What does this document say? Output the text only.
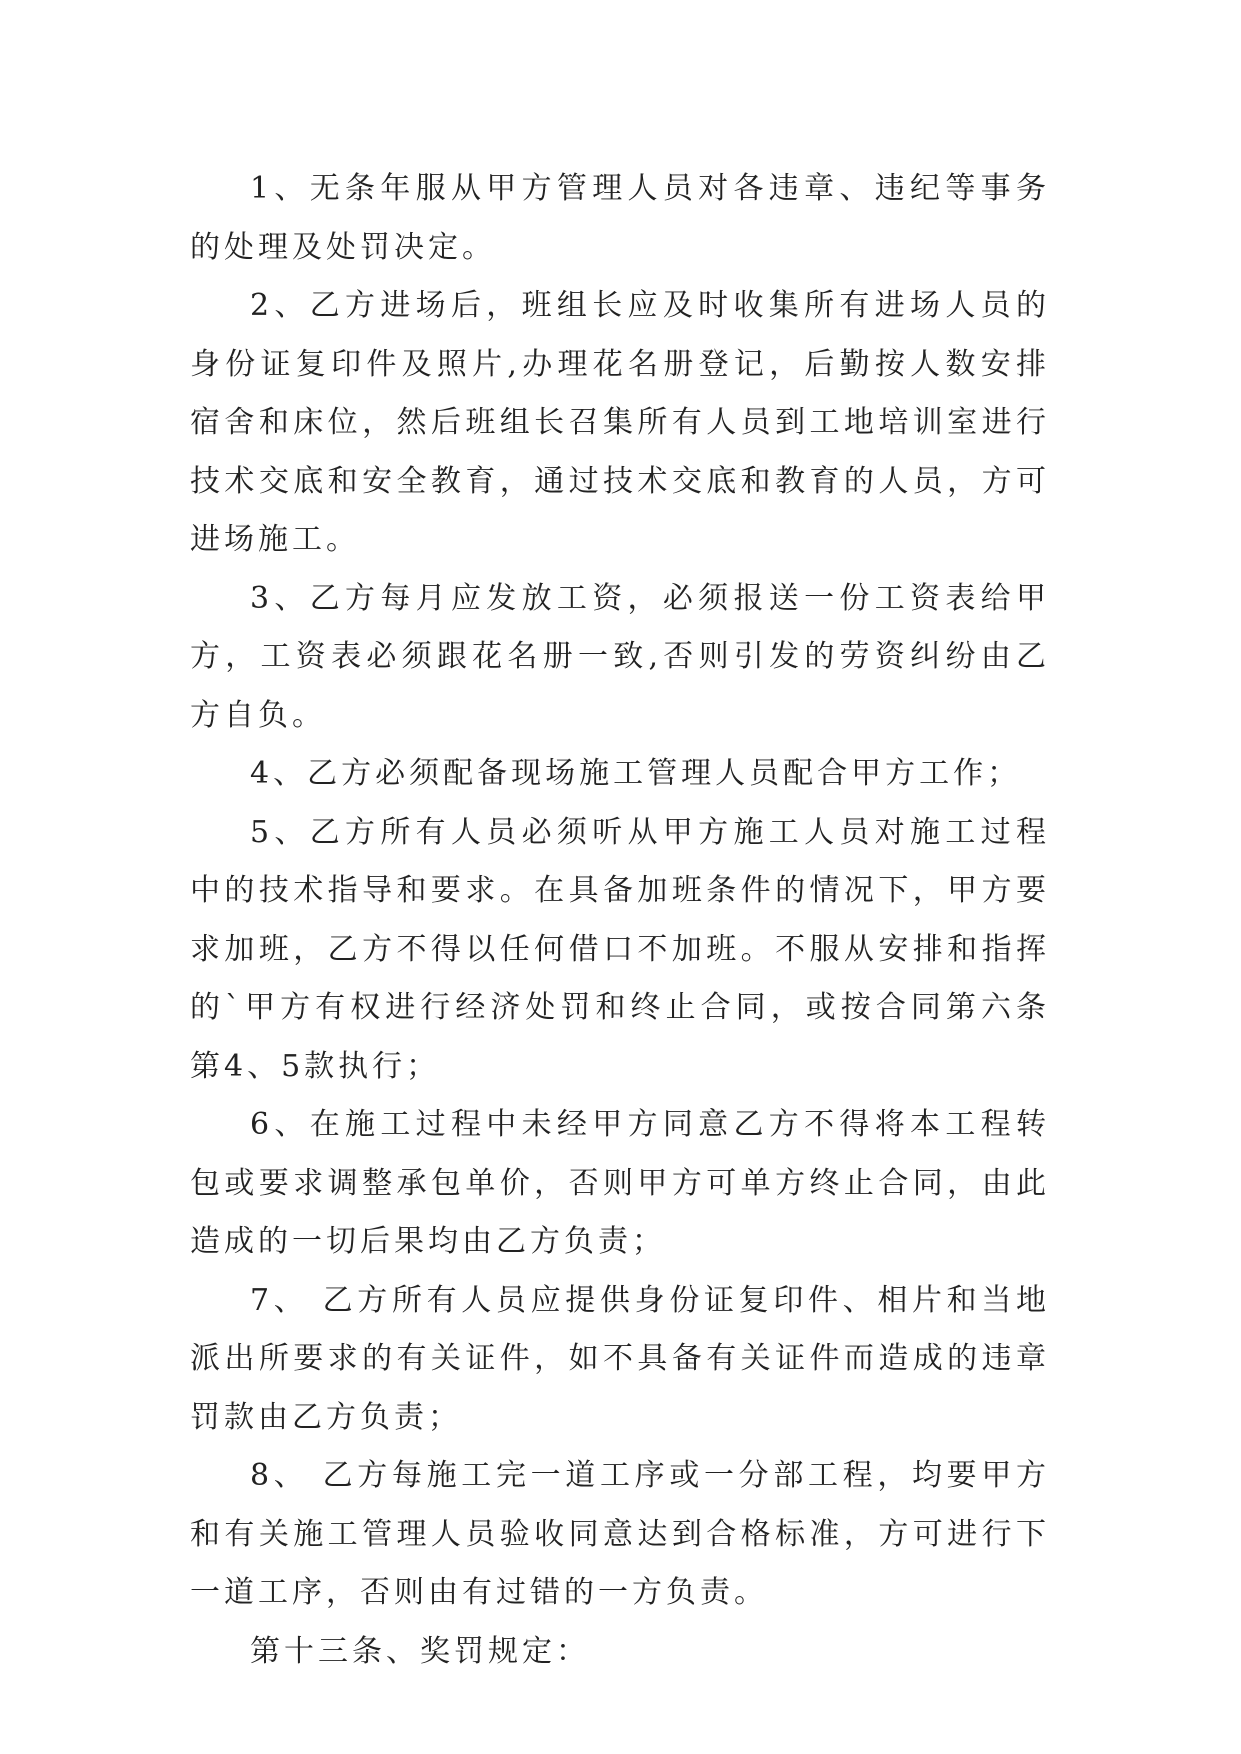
1、无条年服从甲方管理人员对各违章、违纪等事务的处理及处罚决定。

2、乙方进场后，班组长应及时收集所有进场人员的身份证复印件及照片,办理花名册登记，后勤按人数安排宿舍和床位，然后班组长召集所有人员到工地培训室进行技术交底和安全教育，通过技术交底和教育的人员，方可进场施工。

3、乙方每月应发放工资，必须报送一份工资表给甲方，工资表必须跟花名册一致,否则引发的劳资纠纷由乙方自负。

4、乙方必须配备现场施工管理人员配合甲方工作；

5、乙方所有人员必须听从甲方施工人员对施工过程中的技术指导和要求。在具备加班条件的情况下，甲方要求加班，乙方不得以任何借口不加班。不服从安排和指挥的`甲方有权进行经济处罚和终止合同，或按合同第六条第4、5款执行；

6、在施工过程中未经甲方同意乙方不得将本工程转包或要求调整承包单价，否则甲方可单方终止合同，由此造成的一切后果均由乙方负责；

7、 乙方所有人员应提供身份证复印件、相片和当地派出所要求的有关证件，如不具备有关证件而造成的违章罚款由乙方负责；

8、 乙方每施工完一道工序或一分部工程，均要甲方和有关施工管理人员验收同意达到合格标准，方可进行下一道工序，否则由有过错的一方负责。

第十三条、奖罚规定：
